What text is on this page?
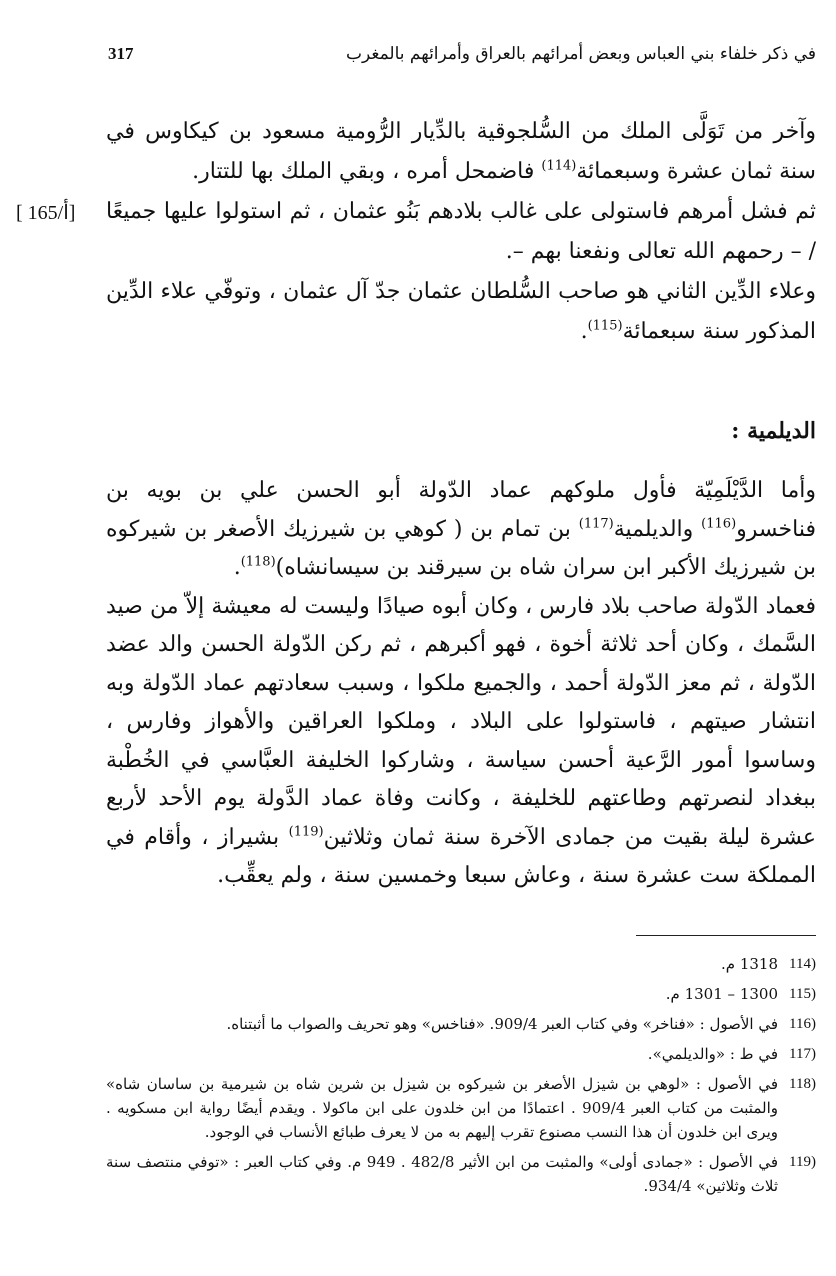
317	في ذكر خلفاء بني العباس وبعض أمرائهم بالعراق وأمرائهم بالمغرب
[ 165/أ]

وآخر من تَوَلَّى الملك من السُّلجوقية بالدِّيار الرُّومية مسعود بن كيكاوس في سنة ثمان عشرة وسبعمائة$^{(114)}$ فاضمحل أمره ، وبقي الملك بها للتتار.

ثم فشل أمرهم فاستولى على غالب بلادهم بَنُو عثمان ، ثم استولوا عليها جميعًا / – رحمهم الله تعالى ونفعنا بهم –.

وعلاء الدِّين الثاني هو صاحب السُّلطان عثمان جدّ آل عثمان ، وتوفّي علاء الدِّين المذكور سنة سبعمائة$^{(115)}$.

الديلمية :

وأما الدَّيْلَمِيّة فأول ملوكهم عماد الدّولة أبو الحسن علي بن بويه بن فناخسرو$^{(116)}$ والديلمية$^{(117)}$ بن تمام بن ( كوهي بن شيرزيك الأصغر بن شيركوه بن شيرزيك الأكبر ابن سران شاه بن سيرقند بن سيسانشاه)$^{(118)}$.

فعماد الدّولة صاحب بلاد فارس ، وكان أبوه صيادًا وليست له معيشة إلاّ من صيد السَّمك ، وكان أحد ثلاثة أخوة ، فهو أكبرهم ، ثم ركن الدّولة الحسن والد عضد الدّولة ، ثم معز الدّولة أحمد ، والجميع ملكوا ، وسبب سعادتهم عماد الدّولة وبه انتشار صيتهم ، فاستولوا على البلاد ، وملكوا العراقين والأهواز وفارس ، وساسوا أمور الرَّعية أحسن سياسة ، وشاركوا الخليفة العبَّاسي في الخُطْبة ببغداد لنصرتهم وطاعتهم للخليفة ، وكانت وفاة عماد الدَّولة يوم الأحد لأربع عشرة ليلة بقيت من جمادى الآخرة سنة ثمان وثلاثين$^{(119)}$ بشيراز ، وأقام في المملكة ست عشرة سنة ، وعاش سبعا وخمسين سنة ، ولم يعقِّب.

(114
1318 م.
(115
1300 – 1301 م.
(116
في الأصول : «فناخر» وفي كتاب العبر 909/4. «فناخس» وهو تحريف والصواب ما أثبتناه.
(117
في ط : «والديلمي».
(118
في الأصول : «لوهي بن شيزل الأصغر بن شيركوه بن شيزل بن شرين شاه بن شيرمية بن ساسان شاه» والمثبت من كتاب العبر 909/4 . اعتمادًا من ابن خلدون على ابن ماكولا . ويقدم أيضًا رواية ابن مسكويه . ويرى ابن خلدون أن هذا النسب مصنوع تقرب إليهم به من لا يعرف طبائع الأنساب في الوجود.
(119
في الأصول : «جمادى أولى» والمثبت من ابن الأثير 482/8 . 949 م. وفي كتاب العبر : «توفي منتصف سنة ثلاث وثلاثين» 934/4.
